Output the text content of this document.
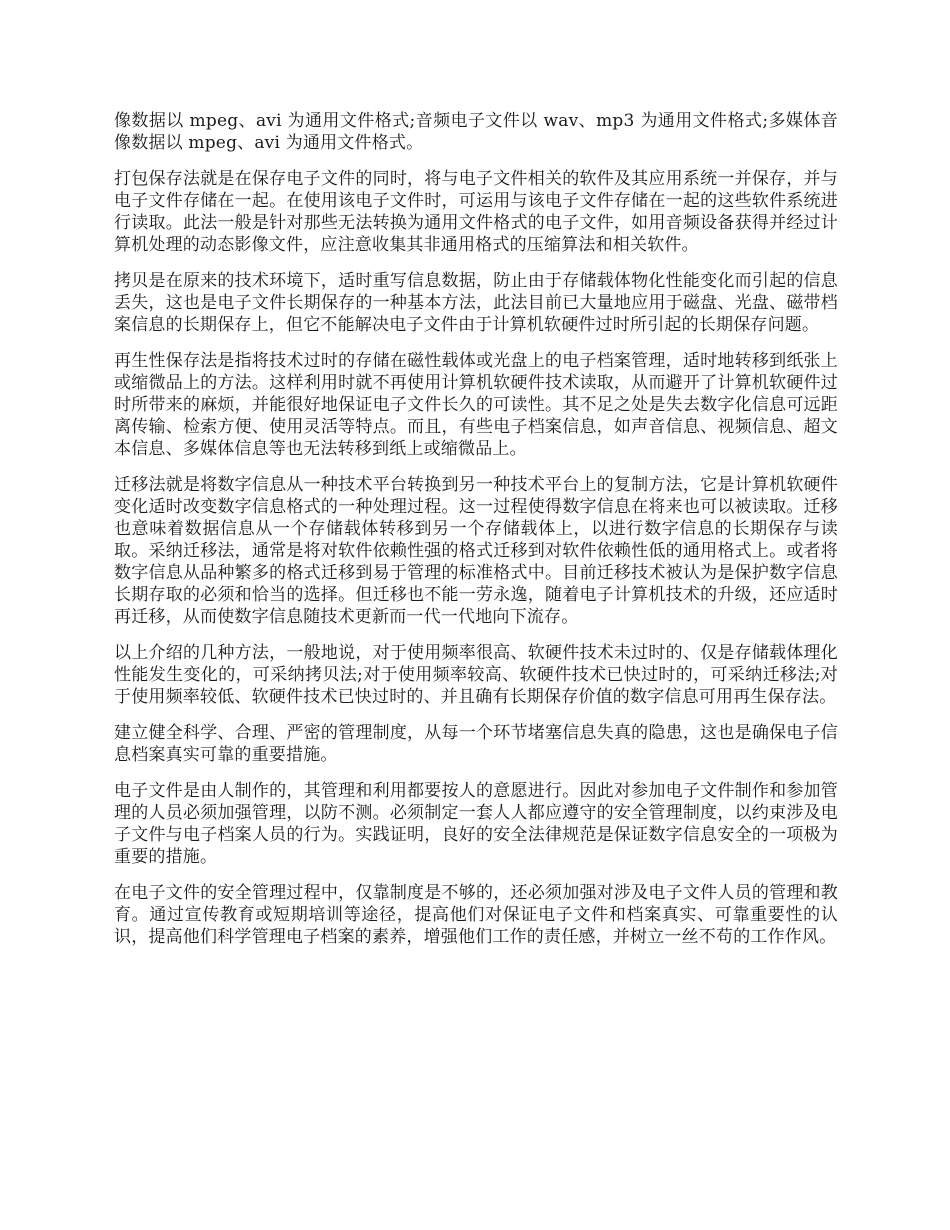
像数据以 mpeg、avi 为通用文件格式;音频电子文件以 wav、mp3 为通用文件格式;多媒体音像数据以 mpeg、avi 为通用文件格式。

打包保存法就是在保存电子文件的同时，将与电子文件相关的软件及其应用系统一并保存，并与电子文件存储在一起。在使用该电子文件时，可运用与该电子文件存储在一起的这些软件系统进行读取。此法一般是针对那些无法转换为通用文件格式的电子文件，如用音频设备获得并经过计算机处理的动态影像文件，应注意收集其非通用格式的压缩算法和相关软件。

拷贝是在原来的技术环境下，适时重写信息数据，防止由于存储载体物化性能变化而引起的信息丢失，这也是电子文件长期保存的一种基本方法，此法目前已大量地应用于磁盘、光盘、磁带档案信息的长期保存上，但它不能解决电子文件由于计算机软硬件过时所引起的长期保存问题。

再生性保存法是指将技术过时的存储在磁性载体或光盘上的电子档案管理，适时地转移到纸张上或缩微品上的方法。这样利用时就不再使用计算机软硬件技术读取，从而避开了计算机软硬件过时所带来的麻烦，并能很好地保证电子文件长久的可读性。其不足之处是失去数字化信息可远距离传输、检索方便、使用灵活等特点。而且，有些电子档案信息，如声音信息、视频信息、超文本信息、多媒体信息等也无法转移到纸上或缩微品上。

迁移法就是将数字信息从一种技术平台转换到另一种技术平台上的复制方法，它是计算机软硬件变化适时改变数字信息格式的一种处理过程。这一过程使得数字信息在将来也可以被读取。迁移也意味着数据信息从一个存储载体转移到另一个存储载体上，以进行数字信息的长期保存与读取。采纳迁移法，通常是将对软件依赖性强的格式迁移到对软件依赖性低的通用格式上。或者将数字信息从品种繁多的格式迁移到易于管理的标准格式中。目前迁移技术被认为是保护数字信息长期存取的必须和恰当的选择。但迁移也不能一劳永逸，随着电子计算机技术的升级，还应适时再迁移，从而使数字信息随技术更新而一代一代地向下流存。

以上介绍的几种方法，一般地说，对于使用频率很高、软硬件技术未过时的、仅是存储载体理化性能发生变化的，可采纳拷贝法;对于使用频率较高、软硬件技术已快过时的，可采纳迁移法;对于使用频率较低、软硬件技术已快过时的、并且确有长期保存价值的数字信息可用再生保存法。

建立健全科学、合理、严密的管理制度，从每一个环节堵塞信息失真的隐患，这也是确保电子信息档案真实可靠的重要措施。

电子文件是由人制作的，其管理和利用都要按人的意愿进行。因此对参加电子文件制作和参加管理的人员必须加强管理，以防不测。必须制定一套人人都应遵守的安全管理制度，以约束涉及电子文件与电子档案人员的行为。实践证明，良好的安全法律规范是保证数字信息安全的一项极为重要的措施。

在电子文件的安全管理过程中，仅靠制度是不够的，还必须加强对涉及电子文件人员的管理和教育。通过宣传教育或短期培训等途径，提高他们对保证电子文件和档案真实、可靠重要性的认识，提高他们科学管理电子档案的素养，增强他们工作的责任感，并树立一丝不苟的工作作风。
